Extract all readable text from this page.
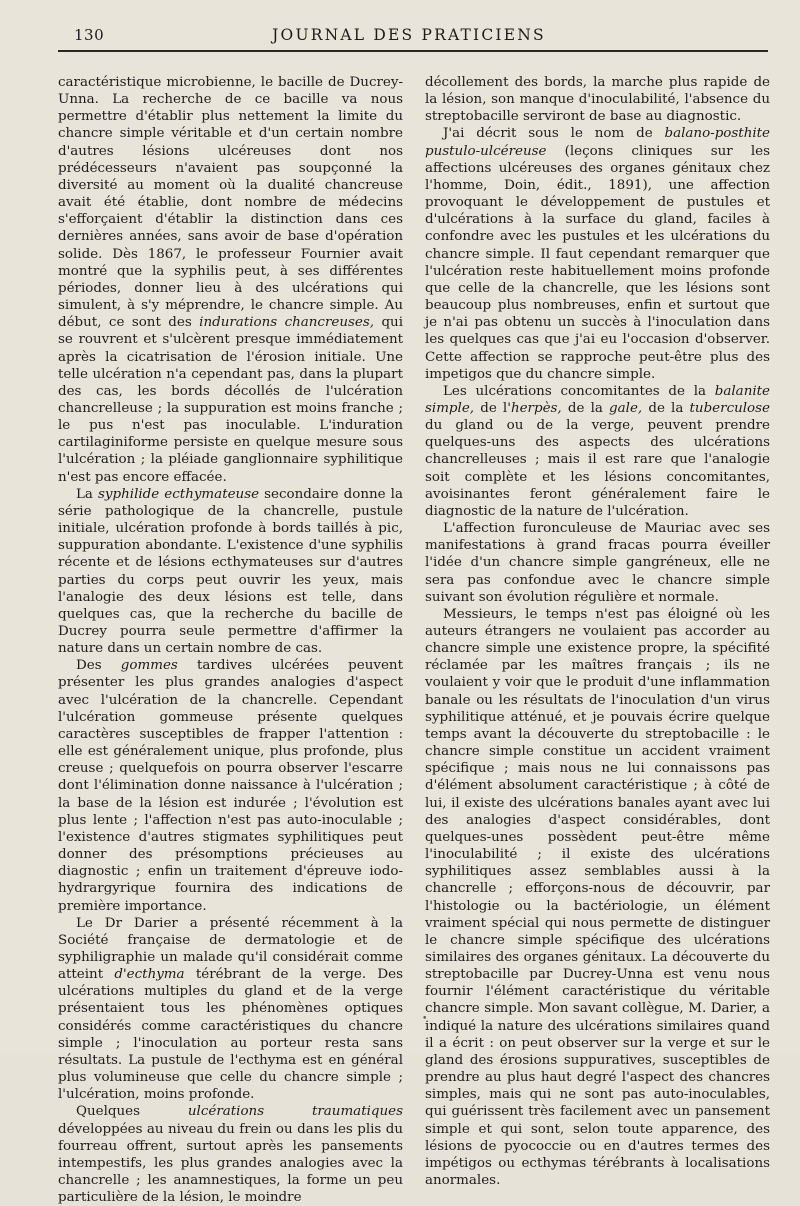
130	JOURNAL DES PRATICIENS

caractéristique microbienne, le bacille de Ducrey-Unna. La recherche de ce bacille va nous permettre d'établir plus nettement la limite du chancre simple véritable et d'un certain nombre d'autres lésions ulcéreuses dont nos prédécesseurs n'avaient pas soupçonné la diversité au moment où la dualité chancreuse avait été établie, dont nombre de médecins s'efforçaient d'établir la distinction dans ces dernières années, sans avoir de base d'opération solide. Dès 1867, le professeur Fournier avait montré que la syphilis peut, à ses différentes périodes, donner lieu à des ulcérations qui simulent, à s'y méprendre, le chancre simple. Au début, ce sont des indurations chancreuses, qui se rouvrent et s'ulcèrent presque immédiatement après la cicatrisation de l'érosion initiale. Une telle ulcération n'a cependant pas, dans la plupart des cas, les bords décollés de l'ulcération chancrelleuse ; la suppuration est moins franche ; le pus n'est pas inoculable. L'induration cartilaginiforme persiste en quelque mesure sous l'ulcération ; la pléiade ganglionnaire syphilitique n'est pas encore effacée.

La syphilide ecthymateuse secondaire donne la série pathologique de la chancrelle, pustule initiale, ulcération profonde à bords taillés à pic, suppuration abondante. L'existence d'une syphilis récente et de lésions ecthymateuses sur d'autres parties du corps peut ouvrir les yeux, mais l'analogie des deux lésions est telle, dans quelques cas, que la recherche du bacille de Ducrey pourra seule permettre d'affirmer la nature dans un certain nombre de cas.

Des gommes tardives ulcérées peuvent présenter les plus grandes analogies d'aspect avec l'ulcération de la chancrelle. Cependant l'ulcération gommeuse présente quelques caractères susceptibles de frapper l'attention : elle est généralement unique, plus profonde, plus creuse ; quelquefois on pourra observer l'escarre dont l'élimination donne naissance à l'ulcération ; la base de la lésion est indurée ; l'évolution est plus lente ; l'affection n'est pas auto-inoculable ; l'existence d'autres stigmates syphilitiques peut donner des présomptions précieuses au diagnostic ; enfin un traitement d'épreuve iodo-hydrargyrique fournira des indications de première importance.

Le Dr Darier a présenté récemment à la Société française de dermatologie et de syphiligraphie un malade qu'il considérait comme atteint d'ecthyma térébrant de la verge. Des ulcérations multiples du gland et de la verge présentaient tous les phénomènes optiques considérés comme caractéristiques du chancre simple ; l'inoculation au porteur resta sans résultats. La pustule de l'ecthyma est en général plus volumineuse que celle du chancre simple ; l'ulcération, moins profonde.

Quelques ulcérations traumatiques développées au niveau du frein ou dans les plis du fourreau offrent, surtout après les pansements intempestifs, les plus grandes analogies avec la chancrelle ; les anamnestiques, la forme un peu particulière de la lésion, le moindre

décollement des bords, la marche plus rapide de la lésion, son manque d'inoculabilité, l'absence du streptobacille serviront de base au diagnostic.

J'ai décrit sous le nom de balano-posthite pustulo-ulcéreuse (leçons cliniques sur les affections ulcéreuses des organes génitaux chez l'homme, Doin, édit., 1891), une affection provoquant le développement de pustules et d'ulcérations à la surface du gland, faciles à confondre avec les pustules et les ulcérations du chancre simple. Il faut cependant remarquer que l'ulcération reste habituellement moins profonde que celle de la chancrelle, que les lésions sont beaucoup plus nombreuses, enfin et surtout que je n'ai pas obtenu un succès à l'inoculation dans les quelques cas que j'ai eu l'occasion d'observer. Cette affection se rapproche peut-être plus des impetigos que du chancre simple.

Les ulcérations concomitantes de la balanite simple, de l'herpès, de la gale, de la tuberculose du gland ou de la verge, peuvent prendre quelques-uns des aspects des ulcérations chancrelleuses ; mais il est rare que l'analogie soit complète et les lésions concomitantes, avoisinantes feront généralement faire le diagnostic de la nature de l'ulcération.

L'affection furonculeuse de Mauriac avec ses manifestations à grand fracas pourra éveiller l'idée d'un chancre simple gangréneux, elle ne sera pas confondue avec le chancre simple suivant son évolution régulière et normale.

Messieurs, le temps n'est pas éloigné où les auteurs étrangers ne voulaient pas accorder au chancre simple une existence propre, la spécifité réclamée par les maîtres français ; ils ne voulaient y voir que le produit d'une inflammation banale ou les résultats de l'inoculation d'un virus syphilitique atténué, et je pouvais écrire quelque temps avant la découverte du streptobacille : le chancre simple constitue un accident vraiment spécifique ; mais nous ne lui connaissons pas d'élément absolument caractéristique ; à côté de lui, il existe des ulcérations banales ayant avec lui des analogies d'aspect considérables, dont quelques-unes possèdent peut-être même l'inoculabilité ; il existe des ulcérations syphilitiques assez semblables aussi à la chancrelle ; efforçons-nous de découvrir, par l'histologie ou la bactériologie, un élément vraiment spécial qui nous permette de distinguer le chancre simple spécifique des ulcérations similaires des organes génitaux. La découverte du streptobacille par Ducrey-Unna est venu nous fournir l'élément caractéristique du véritable chancre simple. Mon savant collègue, M. Darier, a indiqué la nature des ulcérations similaires quand il a écrit : on peut observer sur la verge et sur le gland des érosions suppuratives, susceptibles de prendre au plus haut degré l'aspect des chancres simples, mais qui ne sont pas auto-inoculables, qui guérissent très facilement avec un pansement simple et qui sont, selon toute apparence, des lésions de pyococcie ou en d'autres termes des impétigos ou ecthymas térébrants à localisations anormales.

•
